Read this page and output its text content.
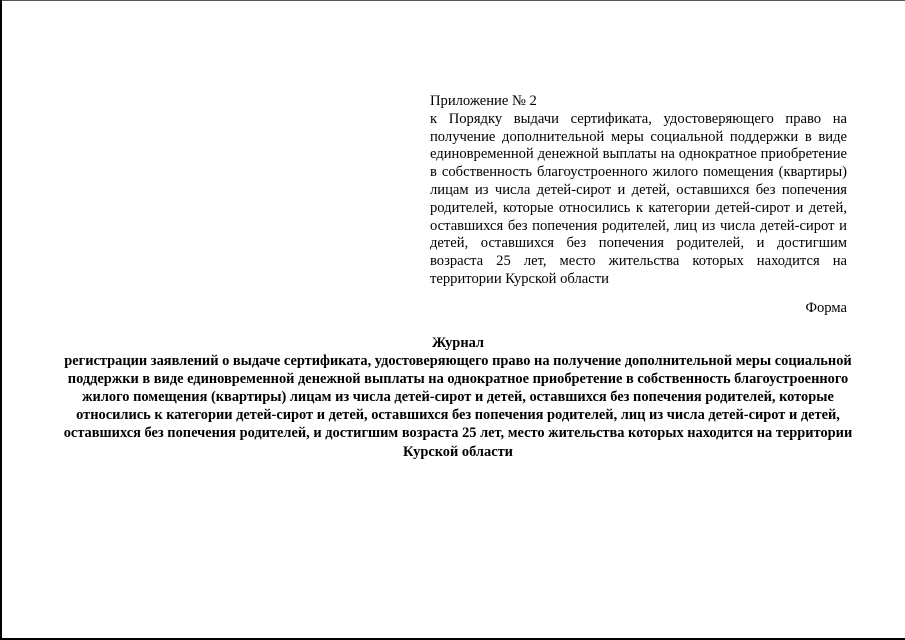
Приложение № 2
к Порядку выдачи сертификата, удостоверяющего право на получение дополнительной меры социальной поддержки в виде единовременной денежной выплаты на однократное приобретение в собственность благоустроенного жилого помещения (квартиры) лицам из числа детей-сирот и детей, оставшихся без попечения родителей, которые относились к категории детей-сирот и детей, оставшихся без попечения родителей, лиц из числа детей-сирот и детей, оставшихся без попечения родителей, и достигшим возраста 25 лет, место жительства которых находится на территории Курской области
Форма
Журнал
регистрации заявлений о выдаче сертификата, удостоверяющего право на получение дополнительной меры социальной поддержки в виде единовременной денежной выплаты на однократное приобретение в собственность благоустроенного жилого помещения (квартиры) лицам из числа детей-сирот и детей, оставшихся без попечения родителей, которые относились к категории детей-сирот и детей, оставшихся без попечения родителей, лиц из числа детей-сирот и детей, оставшихся без попечения родителей, и достигшим возраста 25 лет, место жительства которых находится на территории Курской области
